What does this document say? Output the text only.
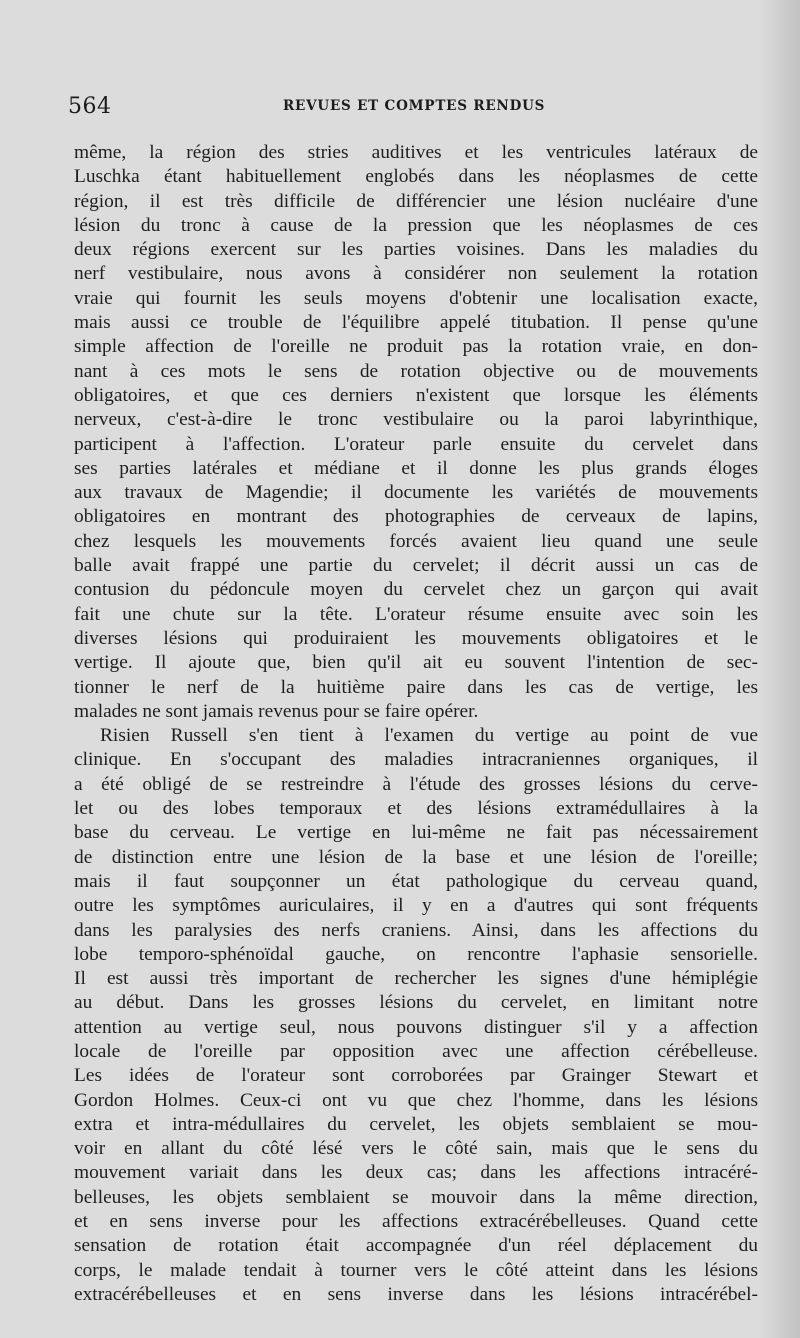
564	REVUES ET COMPTES RENDUS
même, la région des stries auditives et les ventricules latéraux de
Luschka étant habituellement englobés dans les néoplasmes de cette
région, il est très difficile de différencier une lésion nucléaire d'une
lésion du tronc à cause de la pression que les néoplasmes de ces
deux régions exercent sur les parties voisines. Dans les maladies du
nerf vestibulaire, nous avons à considérer non seulement la rotation
vraie qui fournit les seuls moyens d'obtenir une localisation exacte,
mais aussi ce trouble de l'équilibre appelé titubation. Il pense qu'une
simple affection de l'oreille ne produit pas la rotation vraie, en don-
nant à ces mots le sens de rotation objective ou de mouvements
obligatoires, et que ces derniers n'existent que lorsque les éléments
nerveux, c'est-à-dire le tronc vestibulaire ou la paroi labyrinthique,
participent à l'affection. L'orateur parle ensuite du cervelet dans
ses parties latérales et médiane et il donne les plus grands éloges
aux travaux de Magendie; il documente les variétés de mouvements
obligatoires en montrant des photographies de cerveaux de lapins,
chez lesquels les mouvements forcés avaient lieu quand une seule
balle avait frappé une partie du cervelet; il décrit aussi un cas de
contusion du pédoncule moyen du cervelet chez un garçon qui avait
fait une chute sur la tête. L'orateur résume ensuite avec soin les
diverses lésions qui produiraient les mouvements obligatoires et le
vertige. Il ajoute que, bien qu'il ait eu souvent l'intention de sec-
tionner le nerf de la huitième paire dans les cas de vertige, les
malades ne sont jamais revenus pour se faire opérer.
Risien Russell s'en tient à l'examen du vertige au point de vue
clinique. En s'occupant des maladies intracraniennes organiques, il
a été obligé de se restreindre à l'étude des grosses lésions du cerve-
let ou des lobes temporaux et des lésions extramédullaires à la
base du cerveau. Le vertige en lui-même ne fait pas nécessairement
de distinction entre une lésion de la base et une lésion de l'oreille;
mais il faut soupçonner un état pathologique du cerveau quand,
outre les symptômes auriculaires, il y en a d'autres qui sont fréquents
dans les paralysies des nerfs craniens. Ainsi, dans les affections du
lobe temporo-sphénoïdal gauche, on rencontre l'aphasie sensorielle.
Il est aussi très important de rechercher les signes d'une hémiplégie
au début. Dans les grosses lésions du cervelet, en limitant notre
attention au vertige seul, nous pouvons distinguer s'il y a affection
locale de l'oreille par opposition avec une affection cérébelleuse.
Les idées de l'orateur sont corroborées par Grainger Stewart et
Gordon Holmes. Ceux-ci ont vu que chez l'homme, dans les lésions
extra et intra-médullaires du cervelet, les objets semblaient se mou-
voir en allant du côté lésé vers le côté sain, mais que le sens du
mouvement variait dans les deux cas; dans les affections intracéré-
belleuses, les objets semblaient se mouvoir dans la même direction,
et en sens inverse pour les affections extracérébelleuses. Quand cette
sensation de rotation était accompagnée d'un réel déplacement du
corps, le malade tendait à tourner vers le côté atteint dans les lésions
extracérébelleuses et en sens inverse dans les lésions intracérébel-
